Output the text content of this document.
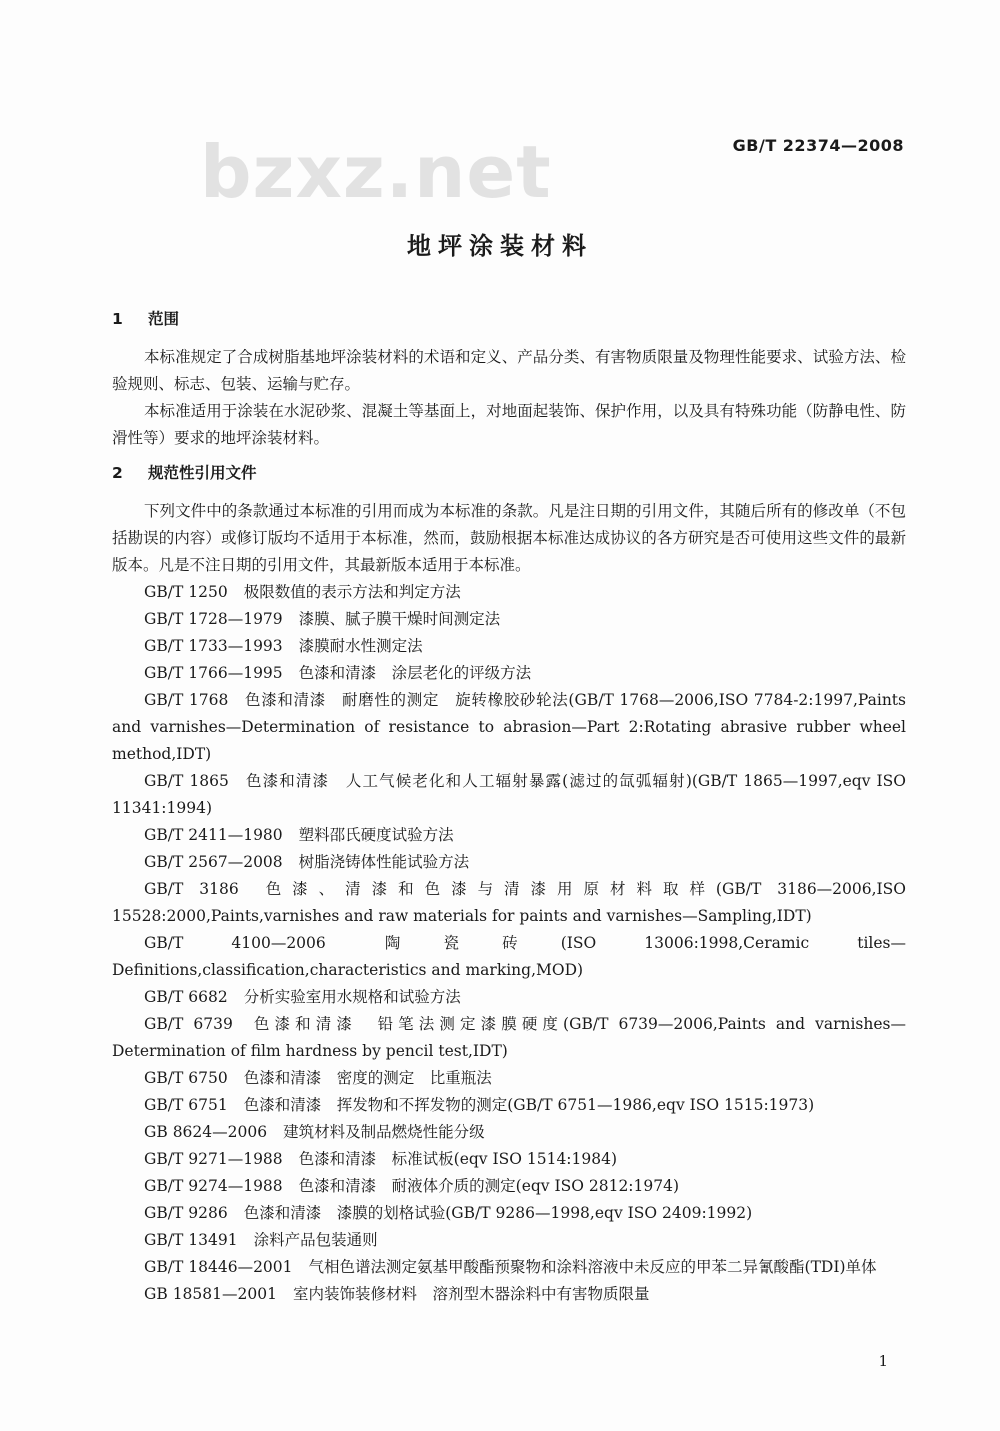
bzxz.net	GB/T 22374—2008
地坪涂装材料
1 范围

本标准规定了合成树脂基地坪涂装材料的术语和定义、产品分类、有害物质限量及物理性能要求、试验方法、检验规则、标志、包装、运输与贮存。

本标准适用于涂装在水泥砂浆、混凝土等基面上，对地面起装饰、保护作用，以及具有特殊功能（防静电性、防滑性等）要求的地坪涂装材料。

2 规范性引用文件

下列文件中的条款通过本标准的引用而成为本标准的条款。凡是注日期的引用文件，其随后所有的修改单（不包括勘误的内容）或修订版均不适用于本标准，然而，鼓励根据本标准达成协议的各方研究是否可使用这些文件的最新版本。凡是不注日期的引用文件，其最新版本适用于本标准。

GB/T 1250 极限数值的表示方法和判定方法
GB/T 1728—1979 漆膜、腻子膜干燥时间测定法
GB/T 1733—1993 漆膜耐水性测定法
GB/T 1766—1995 色漆和清漆　涂层老化的评级方法
GB/T 1768 色漆和清漆　耐磨性的测定　旋转橡胶砂轮法(GB/T 1768—2006,ISO 7784-2:1997,Paints and varnishes—Determination of resistance to abrasion—Part 2:Rotating abrasive rubber wheel method,IDT)
GB/T 1865 色漆和清漆　人工气候老化和人工辐射暴露(滤过的氙弧辐射)(GB/T 1865—1997,eqv ISO 11341:1994)
GB/T 2411—1980 塑料邵氏硬度试验方法
GB/T 2567—2008 树脂浇铸体性能试验方法
GB/T 3186 色漆、清漆和色漆与清漆用原材料取样(GB/T 3186—2006,ISO 15528:2000,Paints,varnishes and raw materials for paints and varnishes—Sampling,IDT)
GB/T 4100—2006 陶瓷砖(ISO 13006:1998,Ceramic tiles—Definitions,classification,characteristics and marking,MOD)
GB/T 6682 分析实验室用水规格和试验方法
GB/T 6739 色漆和清漆　铅笔法测定漆膜硬度(GB/T 6739—2006,Paints and varnishes—Determination of film hardness by pencil test,IDT)
GB/T 6750 色漆和清漆　密度的测定　比重瓶法
GB/T 6751 色漆和清漆　挥发物和不挥发物的测定(GB/T 6751—1986,eqv ISO 1515:1973)
GB 8624—2006 建筑材料及制品燃烧性能分级
GB/T 9271—1988 色漆和清漆　标准试板(eqv ISO 1514:1984)
GB/T 9274—1988 色漆和清漆　耐液体介质的测定(eqv ISO 2812:1974)
GB/T 9286 色漆和清漆　漆膜的划格试验(GB/T 9286—1998,eqv ISO 2409:1992)
GB/T 13491 涂料产品包装通则
GB/T 18446—2001 气相色谱法测定氨基甲酸酯预聚物和涂料溶液中未反应的甲苯二异氰酸酯(TDI)单体
GB 18581—2001 室内装饰装修材料　溶剂型木器涂料中有害物质限量
1
